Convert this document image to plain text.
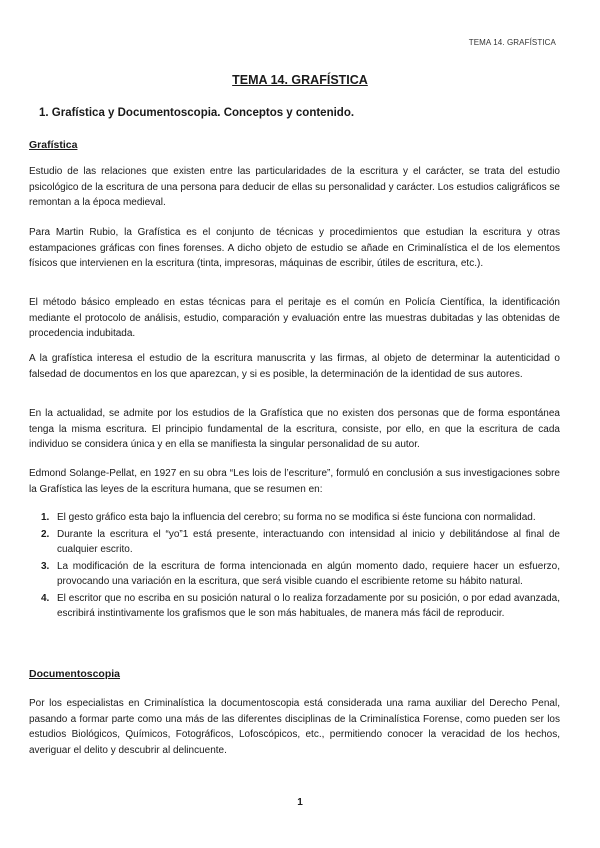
TEMA 14. GRAFÍSTICA
TEMA 14. GRAFÍSTICA
1. Grafística y Documentoscopia. Conceptos y contenido.
Grafística

Estudio de las relaciones que existen entre las particularidades de la escritura y el carácter, se trata del estudio psicológico de la escritura de una persona para deducir de ellas su personalidad y carácter. Los estudios caligráficos se remontan a la época medieval.

Para Martin Rubio, la Grafística es el conjunto de técnicas y procedimientos que estudian la escritura y otras estampaciones gráficas con fines forenses. A dicho objeto de estudio se añade en Criminalística el de los elementos físicos que intervienen en la escritura (tinta, impresoras, máquinas de escribir, útiles de escritura, etc.).

El método básico empleado en estas técnicas para el peritaje es el común en Policía Científica, la identificación mediante el protocolo de análisis, estudio, comparación y evaluación entre las muestras dubitadas y las obtenidas de procedencia indubitada.

A la grafística interesa el estudio de la escritura manuscrita y las firmas, al objeto de determinar la autenticidad o falsedad de documentos en los que aparezcan, y si es posible, la determinación de la identidad de sus autores.

En la actualidad, se admite por los estudios de la Grafística que no existen dos personas que de forma espontánea tenga la misma escritura. El principio fundamental de la escritura, consiste, por ello, en que la escritura de cada individuo se considera única y en ella se manifiesta la singular personalidad de su autor.

Edmond Solange-Pellat, en 1927 en su obra “Les lois de l’escriture”, formuló en conclusión a sus investigaciones sobre la Grafística las leyes de la escritura humana, que se resumen en:

1. El gesto gráfico esta bajo la influencia del cerebro; su forma no se modifica si éste funciona con normalidad.
2. Durante la escritura el “yo”1 está presente, interactuando con intensidad al inicio y debilitándose al final de cualquier escrito.
3. La modificación de la escritura de forma intencionada en algún momento dado, requiere hacer un esfuerzo, provocando una variación en la escritura, que será visible cuando el escribiente retome su hábito natural.
4. El escritor que no escriba en su posición natural o lo realiza forzadamente por su posición, o por edad avanzada, escribirá instintivamente los grafismos que le son más habituales, de manera más fácil de reproducir.
Documentoscopia

Por los especialistas en Criminalística la documentoscopia está considerada una rama auxiliar del Derecho Penal, pasando a formar parte como una más de las diferentes disciplinas de la Criminalística Forense, como pueden ser los estudios Biológicos, Químicos, Fotográficos, Lofoscópicos, etc., permitiendo conocer la veracidad de los hechos, averiguar el delito y descubrir al delincuente.

1
